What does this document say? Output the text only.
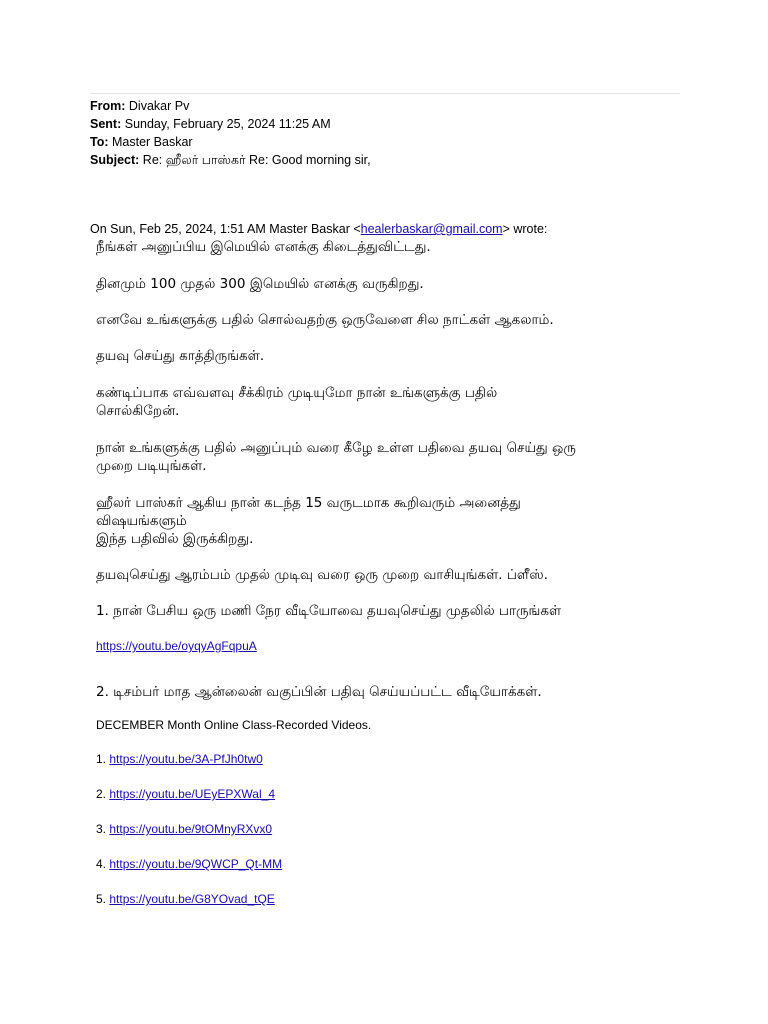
From: Divakar Pv
Sent: Sunday, February 25, 2024 11:25 AM
To: Master Baskar
Subject: Re: ஹீலர் பாஸ்கர் Re: Good morning sir,
On Sun, Feb 25, 2024, 1:51 AM Master Baskar <healerbaskar@gmail.com> wrote:

நீங்கள் அனுப்பிய இமெயில் எனக்கு கிடைத்துவிட்டது.

தினமும் 100 முதல் 300 இமெயில் எனக்கு வருகிறது.

எனவே உங்களுக்கு பதில் சொல்வதற்கு ஒருவேளை சில நாட்கள் ஆகலாம்.

தயவு செய்து காத்திருங்கள்.

கண்டிப்பாக எவ்வளவு சீக்கிரம் முடியுமோ நான் உங்களுக்கு பதில்

சொல்கிறேன்.

நான் உங்களுக்கு பதில் அனுப்பும் வரை கீழே உள்ள பதிவை தயவு செய்து ஒரு

முறை படியுங்கள்.

ஹீலர் பாஸ்கர் ஆகிய நான் கடந்த 15 வருடமாக கூறிவரும் அனைத்து

விஷயங்களும்

இந்த பதிவில் இருக்கிறது.

தயவுசெய்து ஆரம்பம் முதல் முடிவு வரை ஒரு முறை வாசியுங்கள். ப்ளீஸ்.

1. நான் பேசிய ஒரு மணி நேர வீடியோவை தயவுசெய்து முதலில் பாருங்கள்

https://youtu.be/oyqyAgFqpuA

2. டிசம்பர் மாத ஆன்லைன் வகுப்பின் பதிவு செய்யப்பட்ட வீடியோக்கள்.

DECEMBER Month Online Class-Recorded Videos.

1. https://youtu.be/3A-PfJh0tw0

2. https://youtu.be/UEyEPXWal_4

3. https://youtu.be/9tOMnyRXvx0

4. https://youtu.be/9QWCP_Qt-MM

5. https://youtu.be/G8YOvad_tQE
